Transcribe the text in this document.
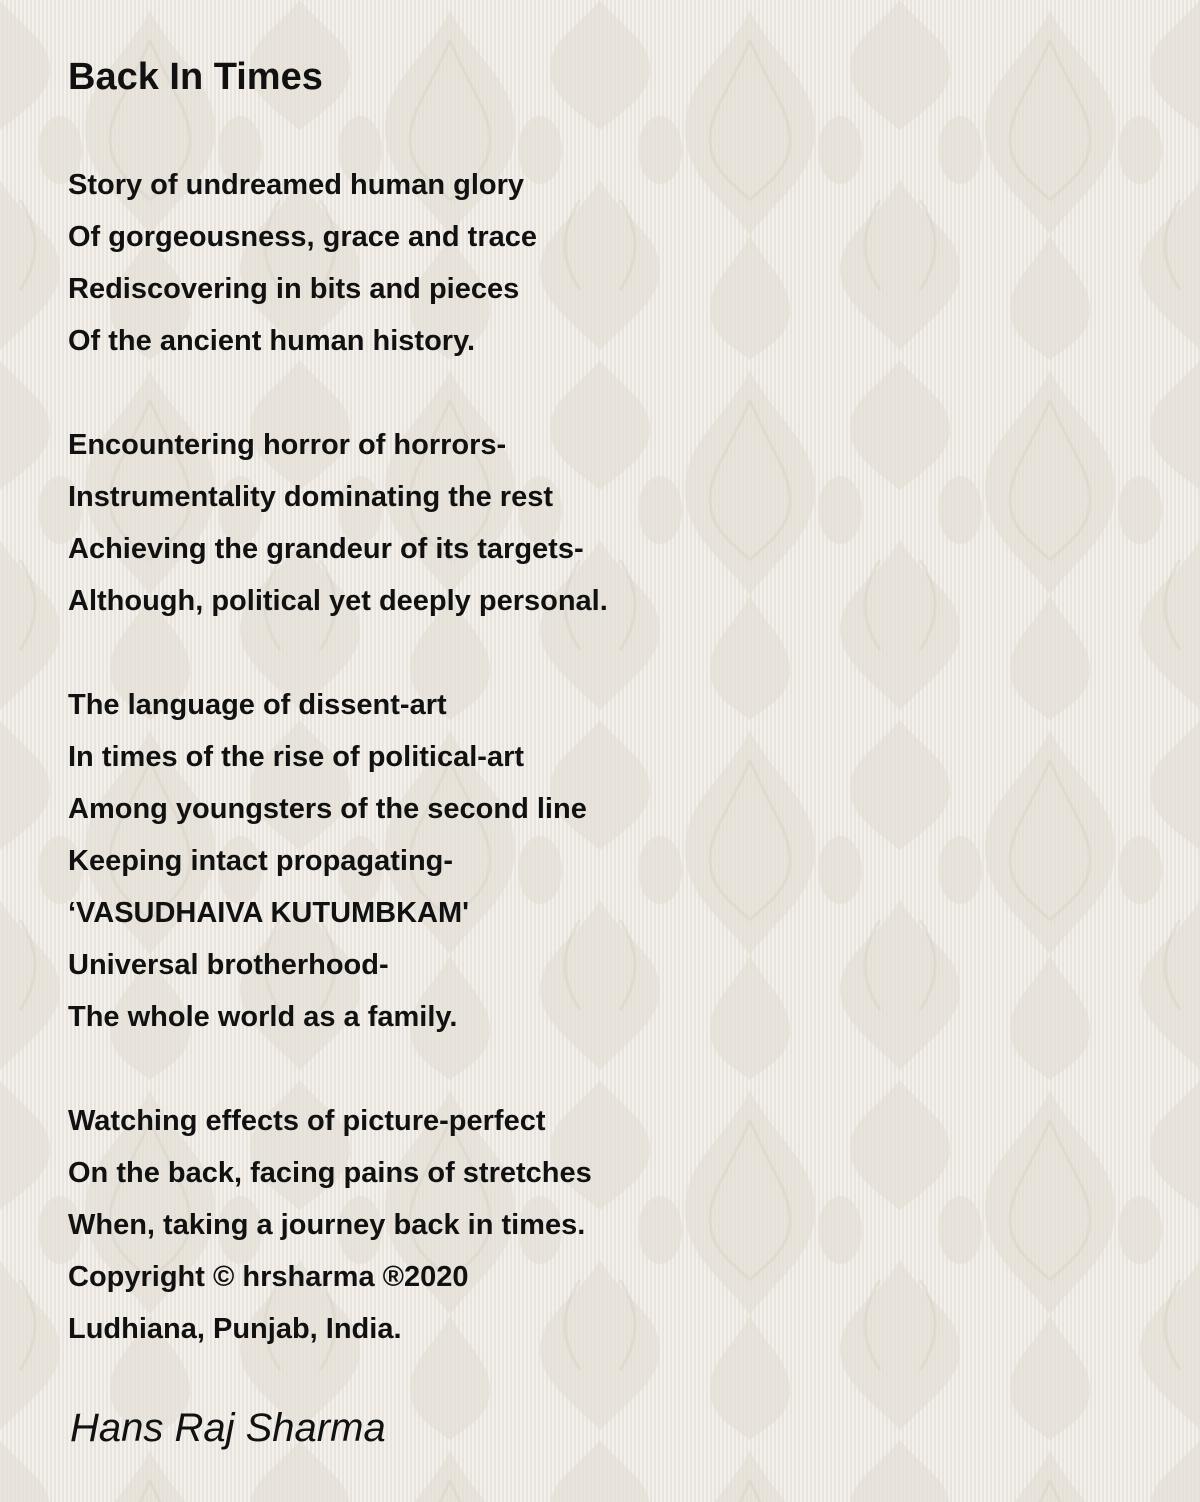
Back In Times
Story of undreamed human glory
Of gorgeousness, grace and trace
Rediscovering in bits and pieces
Of the ancient human history.
Encountering horror of horrors-
Instrumentality dominating the rest
Achieving the grandeur of its targets-
Although, political yet deeply personal.
The language of dissent-art
In times of the rise of political-art
Among youngsters of the second line
Keeping intact propagating-
‘VASUDHAIVA KUTUMBKAM'
Universal brotherhood-
The whole world as a family.
Watching effects of picture-perfect
On the back, facing pains of stretches
When, taking a journey back in times.
Copyright © hrsharma ®2020
Ludhiana, Punjab, India.
Hans Raj Sharma
